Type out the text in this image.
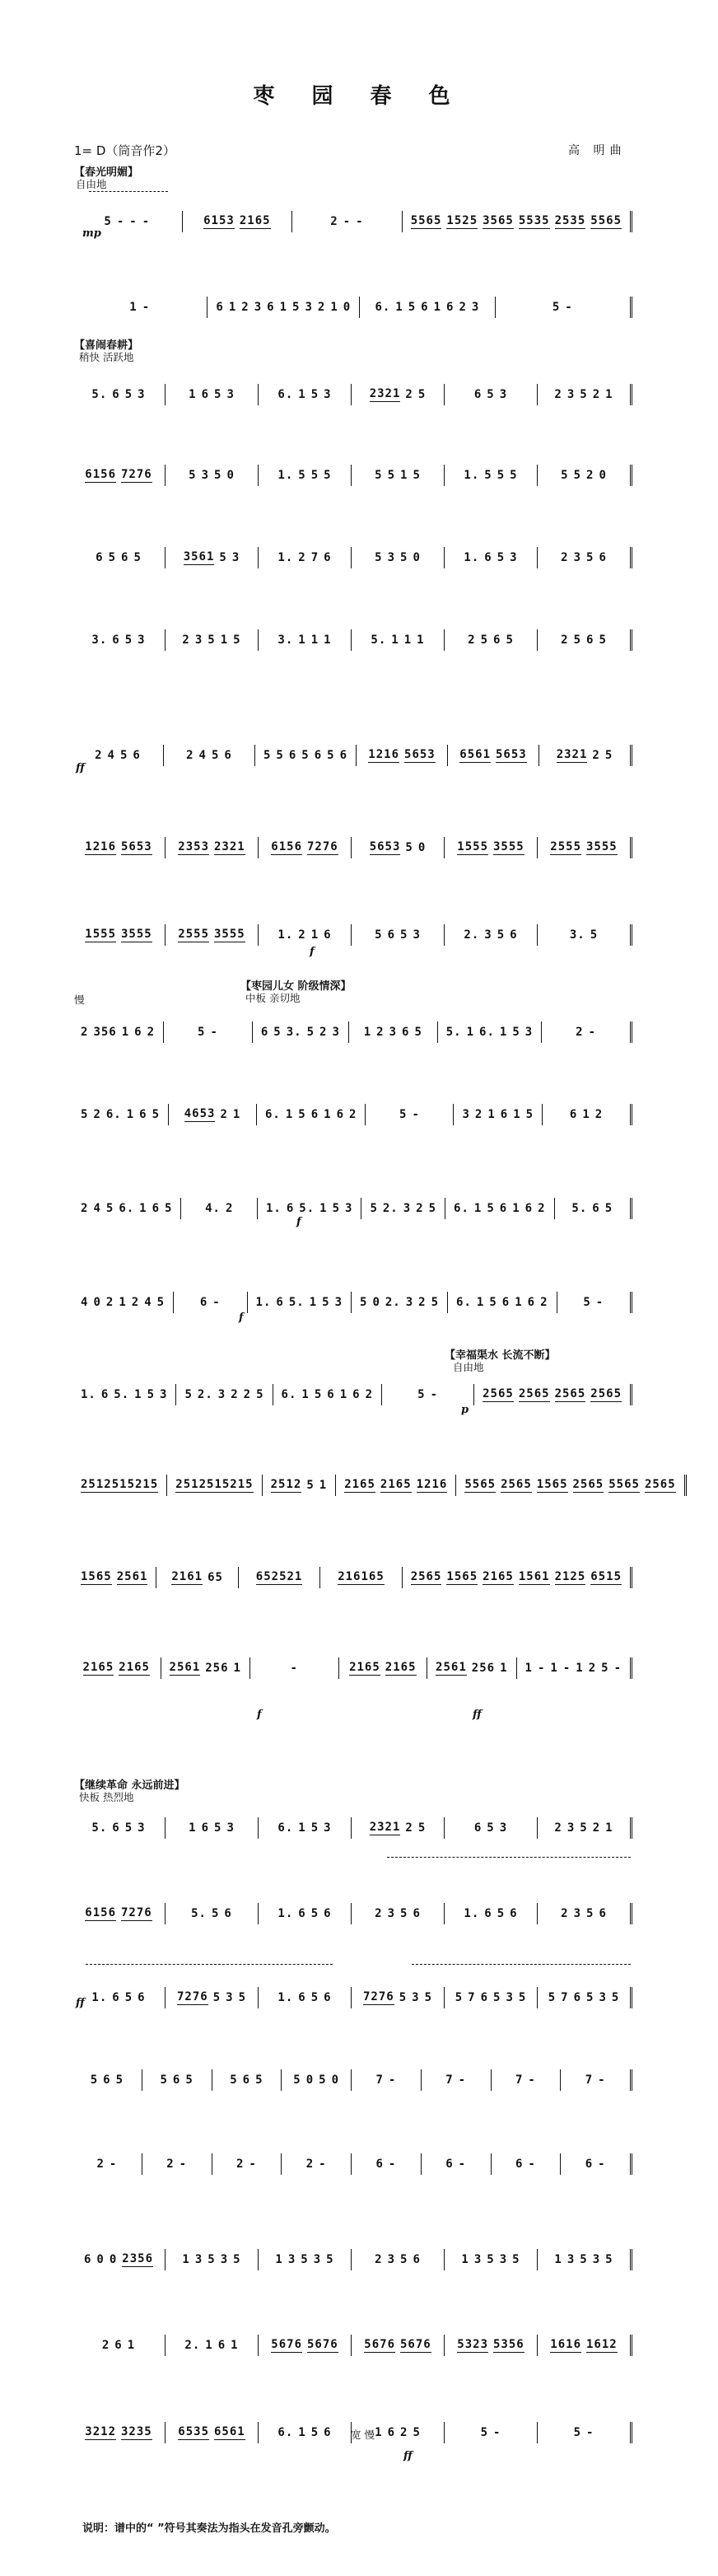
枣 园 春 色
1= D（筒音作2）	高 明曲
【春光明媚】
自由地
【喜闹春耕】
稍快 活跃地
【枣园儿女 阶级情深】
中板 亲切地
慢
【幸福渠水 长流不断】
自由地
【继续革命 永远前进】
快板 热烈地
宽 慢
mp
ff
f
f
f
p
f	ff
ff
ff
5 - - -	6153 2165	2 - -	5565 1525 3565 5535 2535 5565
1 -	6 1 2 3 6 1 5 3 2 1 0 6. 1 5 6 1 6 2 3	5 -
5. 6 5 3	1 6 5 3	6. 1 5 3	2321 2 5	6 5 3	2 3 5 2 1
6156 7276	5 3 5 0	1. 5 5 5	5 5 1 5	1. 5 5 5	5 5 2 0
6 5 6 5	3561 5 3	1. 2 7 6	5 3 5 0	1. 6 5 3	2 3 5 6
3. 6 5 3	2 3 5 1 5	3. 1 1 1	5. 1 1 1	2 5 6 5	2 5 6 5
2 4 5 6	2 4 5 6	5 5 6 5 6 5 6 1216 5653 6561 5653	2321 2 5
1216 5653 2353 2321 6156 7276	5653 5 0	1555 3555 2555 3555
1555 3555 2555 3555	1. 2 1 6	5 6 5 3	2. 3 5 6	3. 5
2 356 1 6 2	5 -	6 5 3. 5 2 3 1 2 3 6 5 5. 1 6. 1 5 3	2 -
5 2 6. 1 6 5 4653 2 1 6. 1 5 6 1 6 2	5 -	3 2 1 6 1 5	6 1 2
2 4 5 6. 1 6 5	4. 2	1. 6 5. 1 5 3 5 2. 3 2 5 6. 1 5 6 1 6 2 5. 6 5
4 0 2 1 2 4 5	6 -	1. 6 5. 1 5 3 5 0 2. 3 2 5 6. 1 5 6 1 6 2	5 -
1. 6 5. 1 5 3 5 2. 3 2 2 5 6. 1 5 6 1 6 2	5 -	2565 2565 2565 2565
2512515215 2512515215 2512 5 1 2165 2165 1216 5565 2565 1565 2565 5565 2565
1565 2561 2161 65	652521	216165 2565 1565 2165 1561 2125 6515
2165 2165 2561 256 1	-	2165 2165 2561 256 1 1 - 1 - 1 2 5 -
5. 6 5 3	1 6 5 3	6. 1 5 3	2321 2 5	6 5 3	2 3 5 2 1
6156 7276	5. 5 6	1. 6 5 6	2 3 5 6	1. 6 5 6	2 3 5 6
1. 6 5 6	7276 5 3 5	1. 6 5 6	7276 5 3 5 5 7 6 5 3 5 5 7 6 5 3 5
5 6 5	5 6 5	5 6 5	5 0 5 0	7 -	7 -	7 -	7 -
2 -	2 -	2 -	2 -	6 -	6 -	6 -	6 -
6 0 0 2356	1 3 5 3 5	1 3 5 3 5	2 3 5 6	1 3 5 3 5	1 3 5 3 5
2 6 1	2. 1 6 1	5676 5676 5676 5676 5323 5356 1616 1612
3212 3235 6535 6561	6. 1 5 6	1 6 2 5	5 -	5 -
说明：谱中的“ ”符号其奏法为指头在发音孔旁颤动。
